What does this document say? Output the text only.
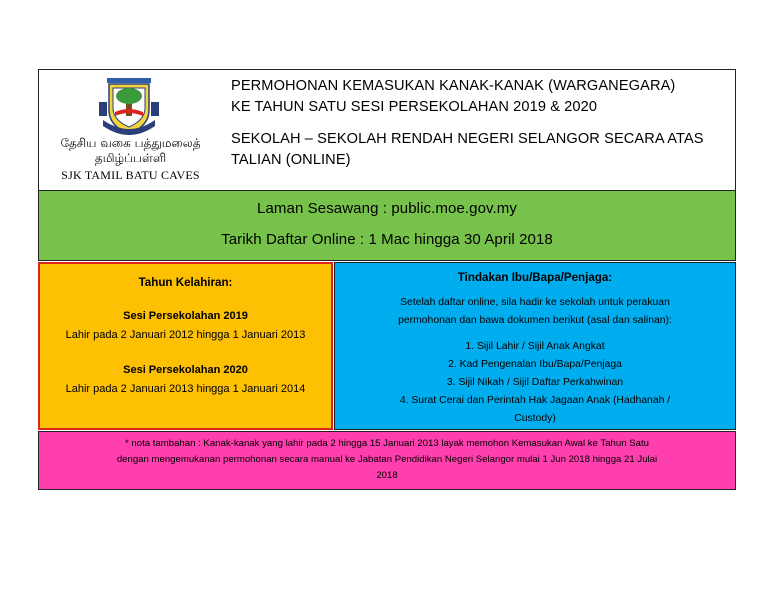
தேசிய வகை பத்துமலைத்
தமிழ்ப்பள்ளி
SJK TAMIL BATU CAVES
PERMOHONAN KEMASUKAN KANAK-KANAK (WARGANEGARA)
KE TAHUN SATU SESI PERSEKOLAHAN 2019 & 2020
SEKOLAH – SEKOLAH RENDAH NEGERI SELANGOR SECARA ATAS
TALIAN (ONLINE)
Laman Sesawang : public.moe.gov.my
Tarikh Daftar Online : 1 Mac hingga 30 April 2018
Tahun Kelahiran:
Sesi Persekolahan 2019
Lahir pada 2 Januari 2012 hingga 1 Januari 2013
Sesi Persekolahan 2020
Lahir pada 2 Januari 2013 hingga 1 Januari 2014
Tindakan Ibu/Bapa/Penjaga:
Setelah daftar online, sila hadir ke sekolah untuk perakuan
permohonan dan bawa dokumen berikut (asal dan salinan):
1. Sijil Lahir / Sijil Anak Angkat
2. Kad Pengenalan Ibu/Bapa/Penjaga
3. Sijil Nikah / Sijil Daftar Perkahwinan
4. Surat Cerai dan Perintah Hak Jagaan Anak (Hadhanah /
Custody)
* nota tambahan : Kanak-kanak yang lahir pada 2 hingga 15 Januari 2013 layak memohon Kemasukan Awal ke Tahun Satu
dengan mengemukanan permohonan secara manual ke Jabatan Pendidikan Negeri Selangor mulai 1 Jun 2018 hingga 21 Julai
2018
